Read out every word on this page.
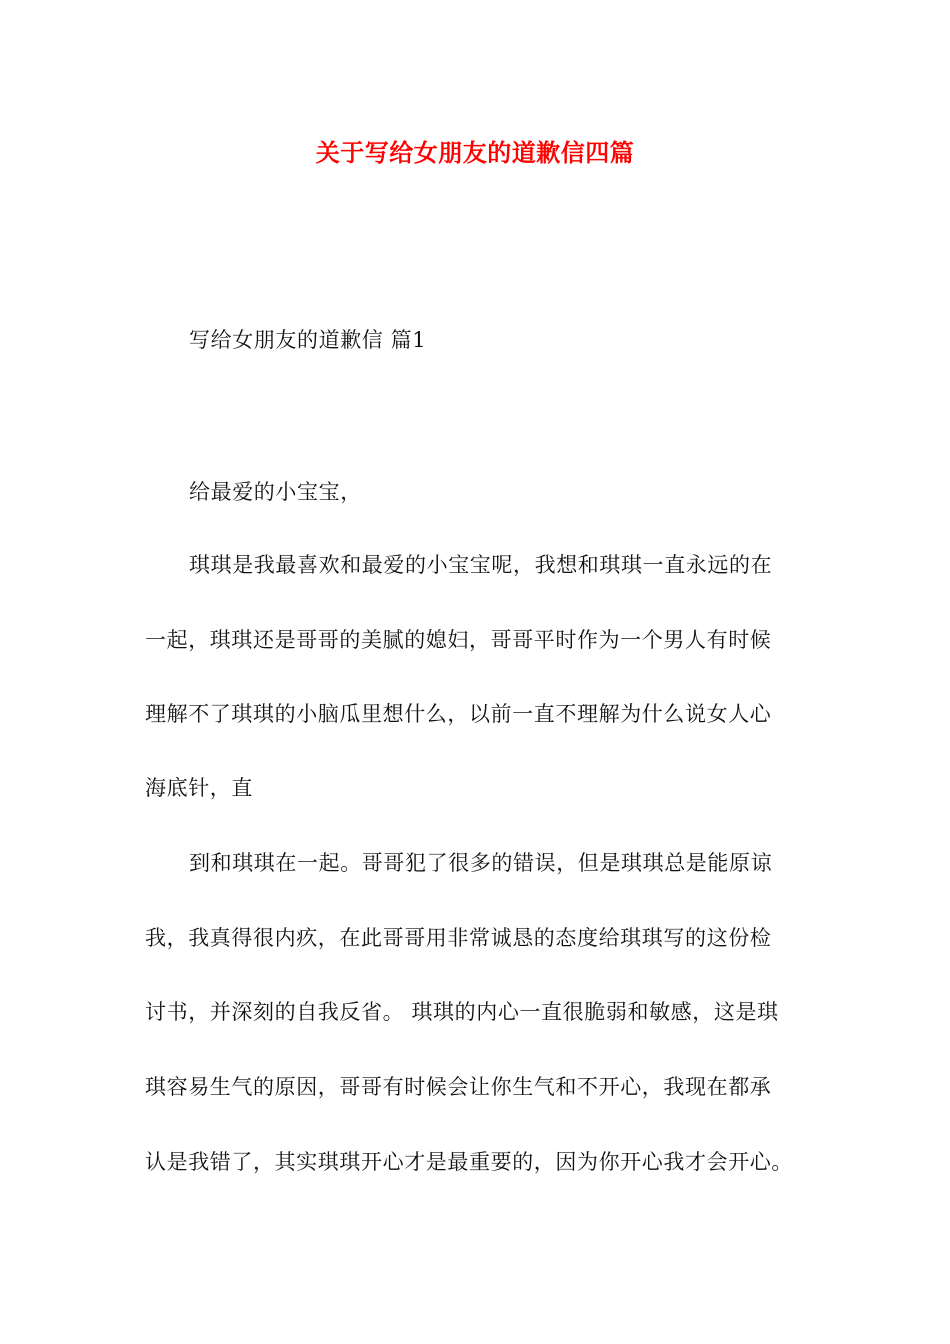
关于写给女朋友的道歉信四篇
写给女朋友的道歉信 篇1
给最爱的小宝宝，
琪琪是我最喜欢和最爱的小宝宝呢，我想和琪琪一直永远的在
一起，琪琪还是哥哥的美腻的媳妇，哥哥平时作为一个男人有时候
理解不了琪琪的小脑瓜里想什么，以前一直不理解为什么说女人心
海底针，直
到和琪琪在一起。哥哥犯了很多的错误，但是琪琪总是能原谅
我，我真得很内疚，在此哥哥用非常诚恳的态度给琪琪写的这份检
讨书，并深刻的自我反省。 琪琪的内心一直很脆弱和敏感，这是琪
琪容易生气的原因，哥哥有时候会让你生气和不开心，我现在都承
认是我错了，其实琪琪开心才是最重要的，因为你开心我才会开心。
